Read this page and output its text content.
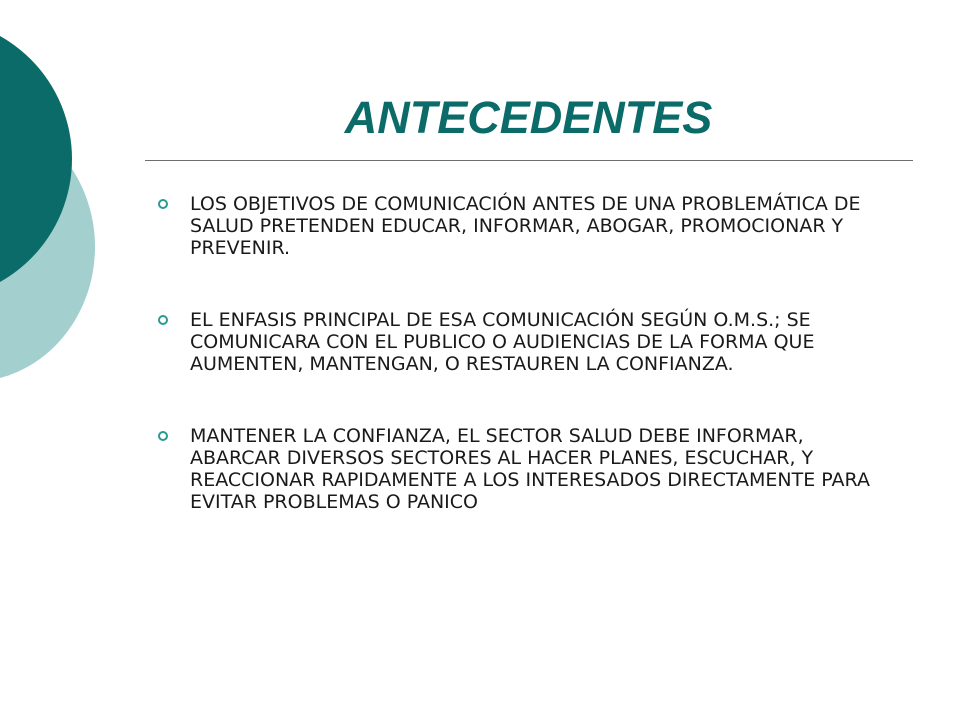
ANTECEDENTES
LOS OBJETIVOS DE COMUNICACIÓN ANTES DE UNA PROBLEMÁTICA DE SALUD PRETENDEN EDUCAR, INFORMAR, ABOGAR, PROMOCIONAR Y PREVENIR.
EL ENFASIS PRINCIPAL DE ESA COMUNICACIÓN SEGÚN O.M.S.; SE COMUNICARA CON EL PUBLICO O AUDIENCIAS DE LA FORMA QUE AUMENTEN, MANTENGAN, O RESTAUREN LA CONFIANZA.
MANTENER LA CONFIANZA, EL SECTOR SALUD DEBE INFORMAR, ABARCAR DIVERSOS SECTORES AL HACER PLANES, ESCUCHAR, Y REACCIONAR RAPIDAMENTE A LOS INTERESADOS DIRECTAMENTE PARA EVITAR PROBLEMAS O PANICO
